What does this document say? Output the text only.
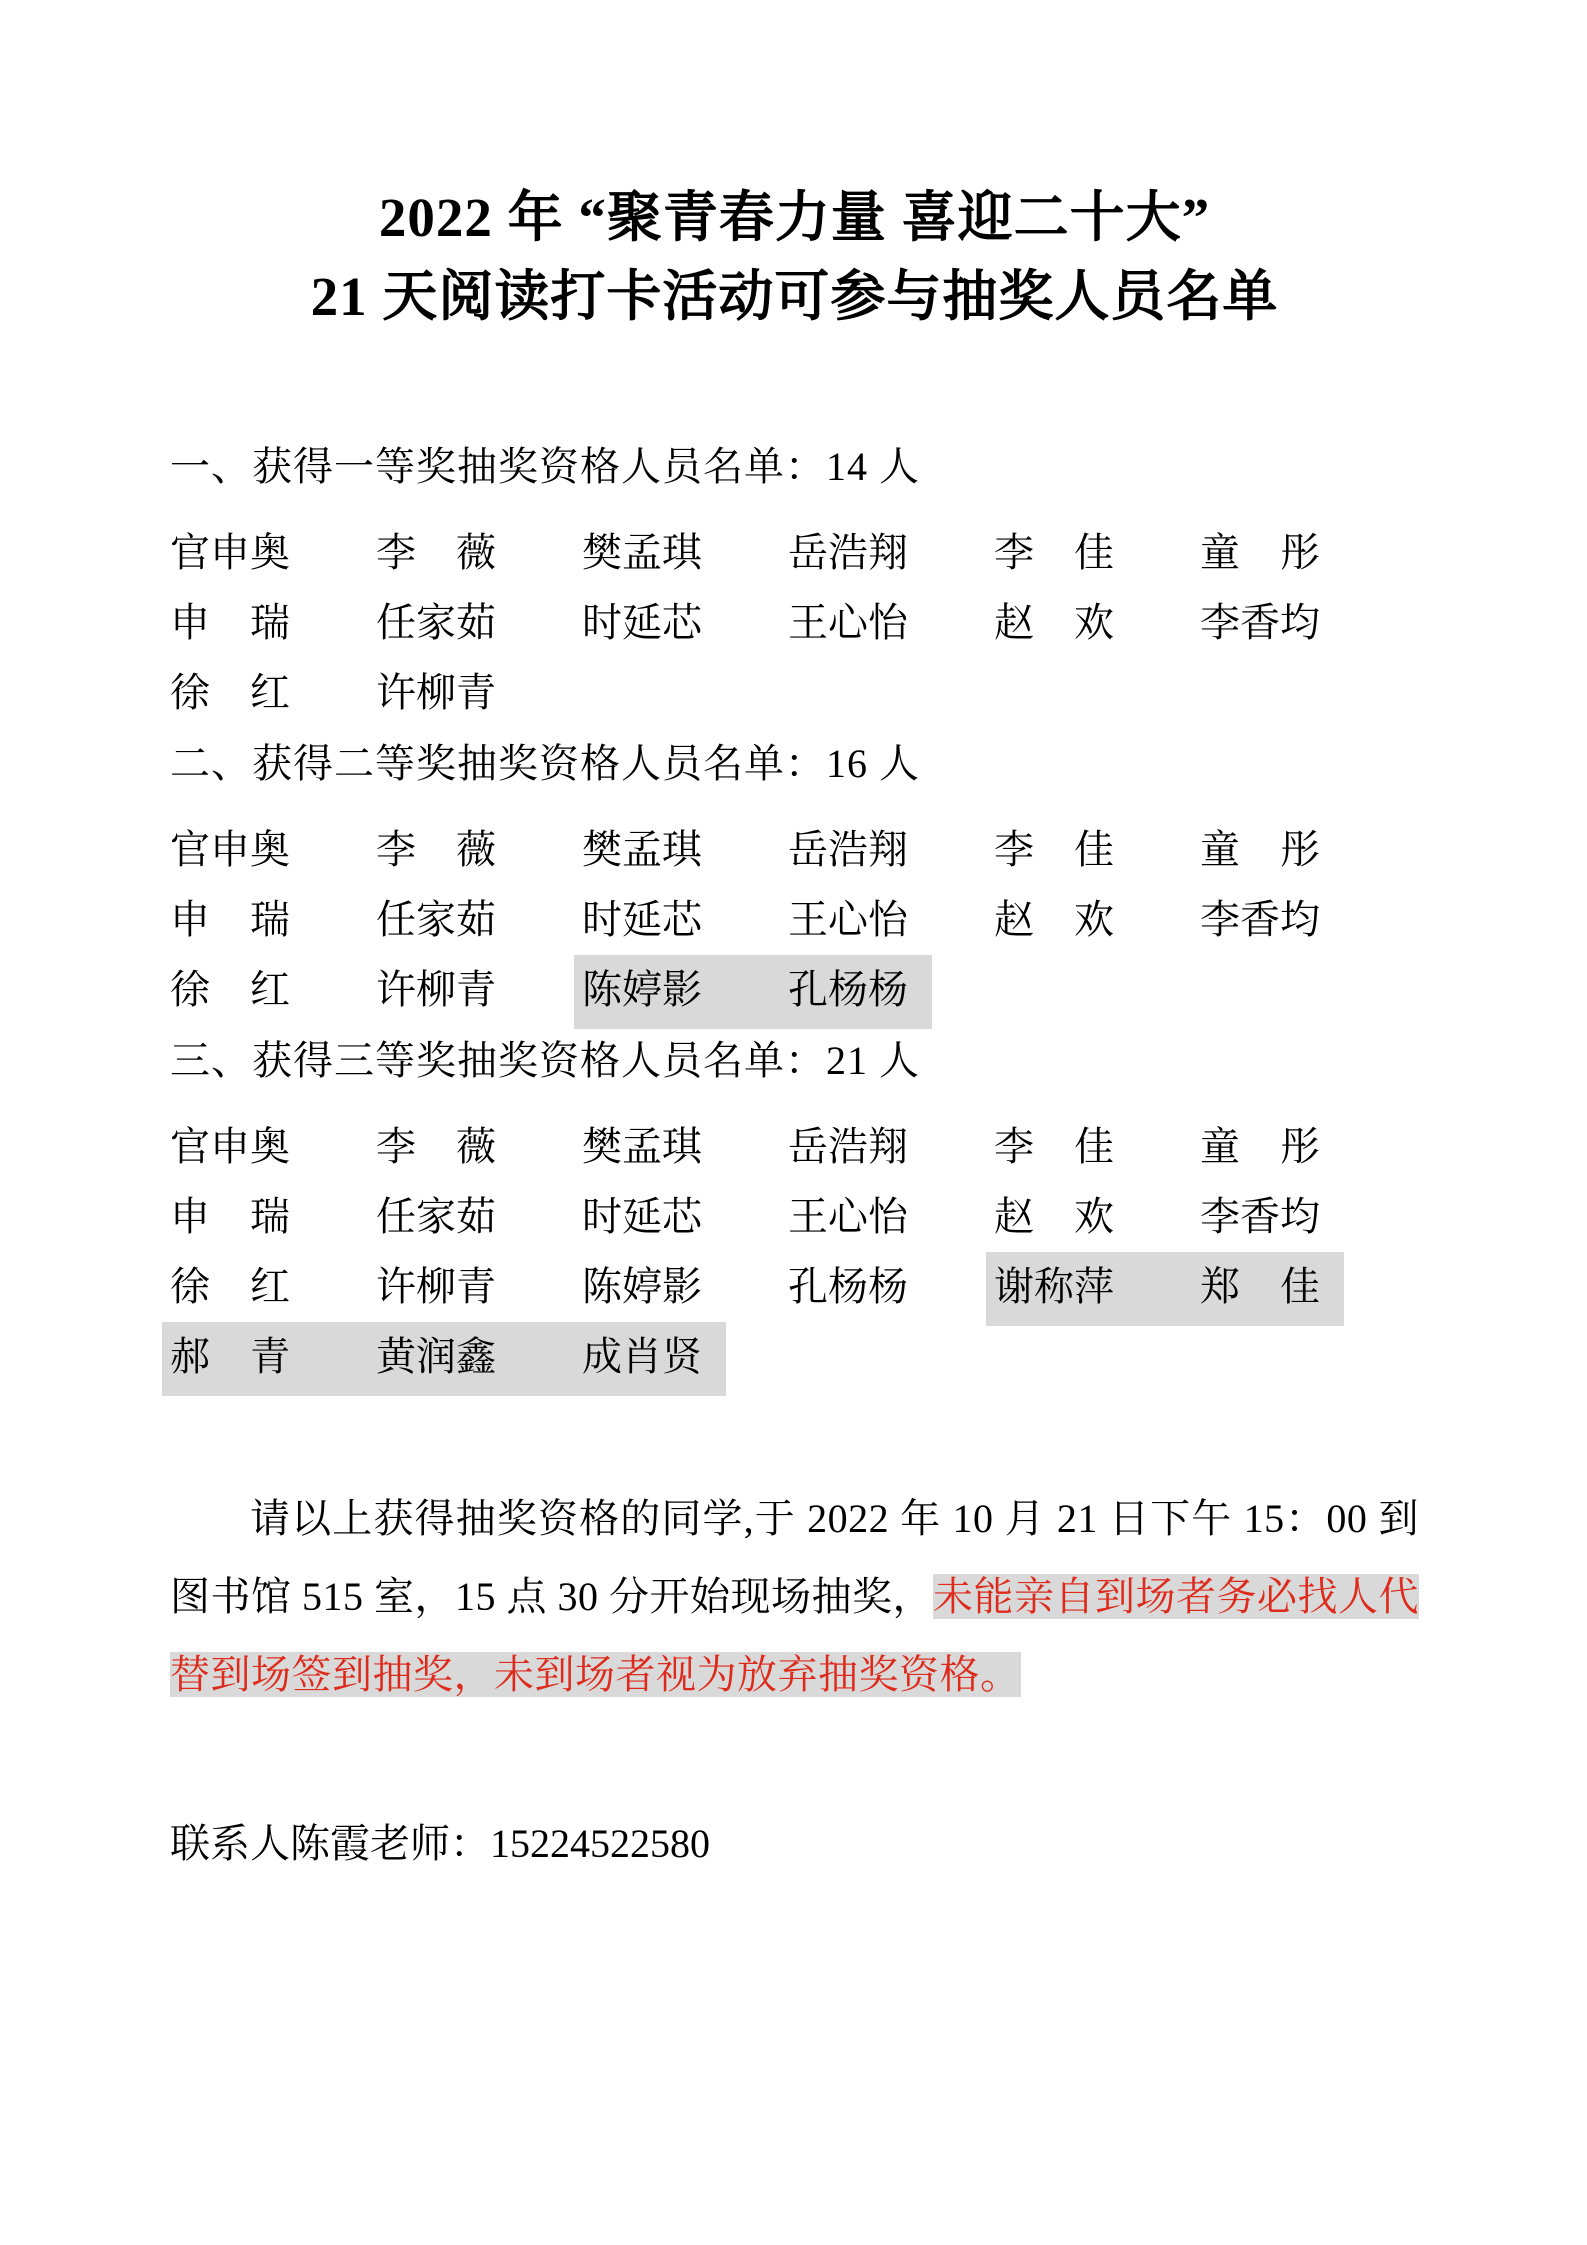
2022 年 “聚青春力量 喜迎二十大”
21 天阅读打卡活动可参与抽奖人员名单
一、获得一等奖抽奖资格人员名单：14 人
官申奥 李　薇 樊孟琪 岳浩翔 李　佳 童　彤
申　瑞 任家茹 时延芯 王心怡 赵　欢 李香均
徐　红 许柳青
二、获得二等奖抽奖资格人员名单：16 人
官申奥 李　薇 樊孟琪 岳浩翔 李　佳 童　彤
申　瑞 任家茹 时延芯 王心怡 赵　欢 李香均
徐　红 许柳青 陈婷影	孔杨杨
三、获得三等奖抽奖资格人员名单：21 人
官申奥 李　薇 樊孟琪 岳浩翔 李　佳 童　彤
申　瑞 任家茹 时延芯 王心怡 赵　欢 李香均
徐　红 许柳青 陈婷影 孔杨杨 谢称萍	郑　佳
郝　青	黄润鑫	成肖贤

请以上获得抽奖资格的同学,于 2022 年 10 月 21 日下午 15：00 到图书馆 515 室，15 点 30 分开始现场抽奖，未能亲自到场者务必找人代替到场签到抽奖，未到场者视为放弃抽奖资格。

联系人陈霞老师：15224522580
